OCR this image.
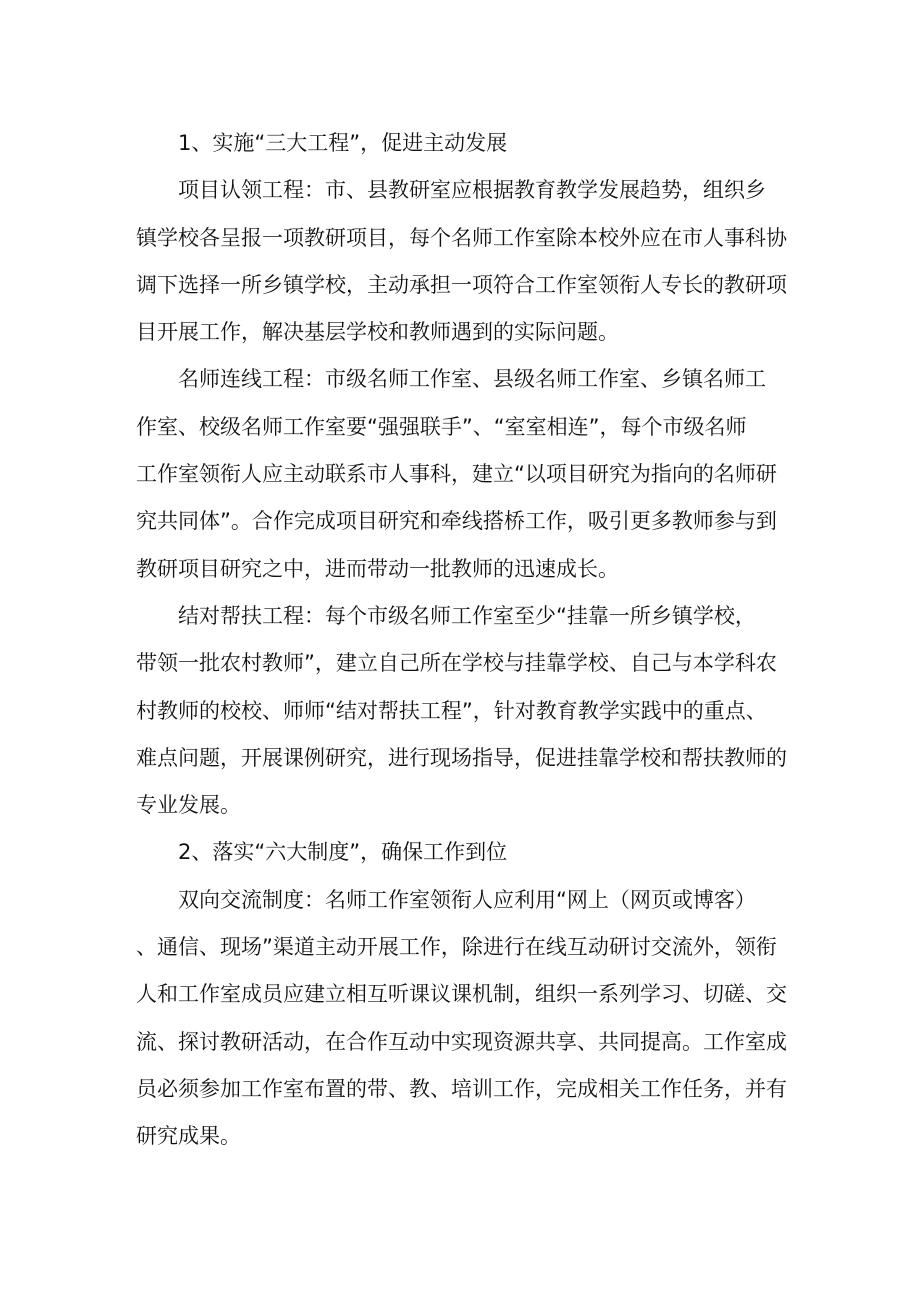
1、实施“三大工程”，促进主动发展

项目认领工程：市、县教研室应根据教育教学发展趋势，组织乡
镇学校各呈报一项教研项目，每个名师工作室除本校外应在市人事科协
调下选择一所乡镇学校，主动承担一项符合工作室领衔人专长的教研项
目开展工作，解决基层学校和教师遇到的实际问题。

名师连线工程：市级名师工作室、县级名师工作室、乡镇名师工
作室、校级名师工作室要“强强联手”、“室室相连”，每个市级名师
工作室领衔人应主动联系市人事科，建立“以项目研究为指向的名师研
究共同体”。合作完成项目研究和牵线搭桥工作，吸引更多教师参与到
教研项目研究之中，进而带动一批教师的迅速成长。

结对帮扶工程：每个市级名师工作室至少“挂靠一所乡镇学校，
带领一批农村教师”，建立自己所在学校与挂靠学校、自己与本学科农
村教师的校校、师师“结对帮扶工程”，针对教育教学实践中的重点、
难点问题，开展课例研究，进行现场指导，促进挂靠学校和帮扶教师的
专业发展。

2、落实“六大制度”，确保工作到位

双向交流制度：名师工作室领衔人应利用“网上（网页或博客）
、通信、现场”渠道主动开展工作，除进行在线互动研讨交流外，领衔
人和工作室成员应建立相互听课议课机制，组织一系列学习、切磋、交
流、探讨教研活动，在合作互动中实现资源共享、共同提高。工作室成
员必须参加工作室布置的带、教、培训工作，完成相关工作任务，并有
研究成果。
